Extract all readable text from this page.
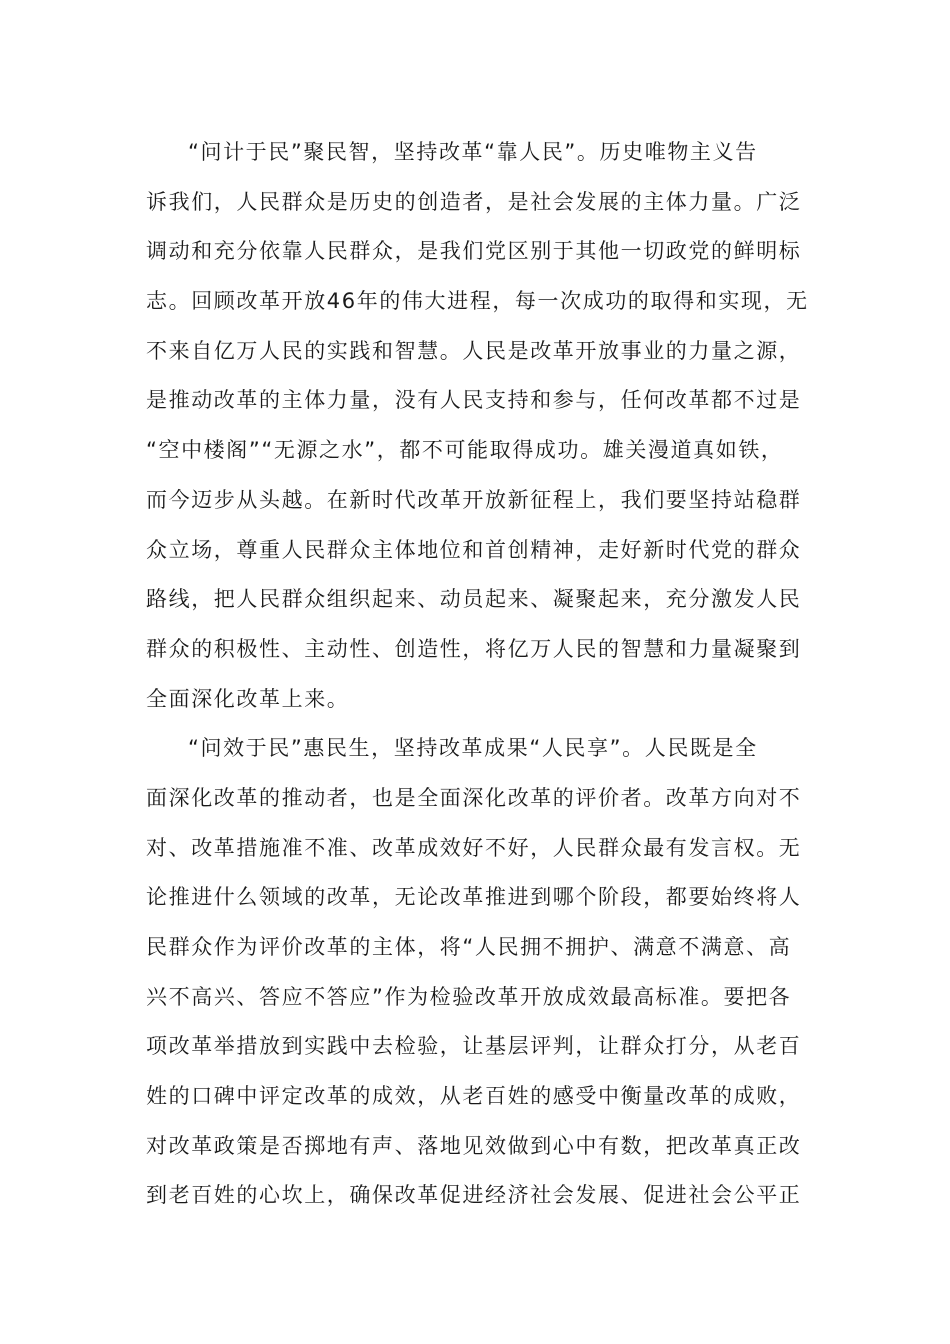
“问计于民”聚民智，坚持改革“靠人民”。历史唯物主义告
诉我们，人民群众是历史的创造者，是社会发展的主体力量。广泛
调动和充分依靠人民群众，是我们党区别于其他一切政党的鲜明标
志。回顾改革开放46年的伟大进程，每一次成功的取得和实现，无
不来自亿万人民的实践和智慧。人民是改革开放事业的力量之源，
是推动改革的主体力量，没有人民支持和参与，任何改革都不过是
“空中楼阁”“无源之水”，都不可能取得成功。雄关漫道真如铁，
而今迈步从头越。在新时代改革开放新征程上，我们要坚持站稳群
众立场，尊重人民群众主体地位和首创精神，走好新时代党的群众
路线，把人民群众组织起来、动员起来、凝聚起来，充分激发人民
群众的积极性、主动性、创造性，将亿万人民的智慧和力量凝聚到
全面深化改革上来。
“问效于民”惠民生，坚持改革成果“人民享”。人民既是全
面深化改革的推动者，也是全面深化改革的评价者。改革方向对不
对、改革措施准不准、改革成效好不好，人民群众最有发言权。无
论推进什么领域的改革，无论改革推进到哪个阶段，都要始终将人
民群众作为评价改革的主体，将“人民拥不拥护、满意不满意、高
兴不高兴、答应不答应”作为检验改革开放成效最高标准。要把各
项改革举措放到实践中去检验，让基层评判，让群众打分，从老百
姓的口碑中评定改革的成效，从老百姓的感受中衡量改革的成败，
对改革政策是否掷地有声、落地见效做到心中有数，把改革真正改
到老百姓的心坎上，确保改革促进经济社会发展、促进社会公平正
